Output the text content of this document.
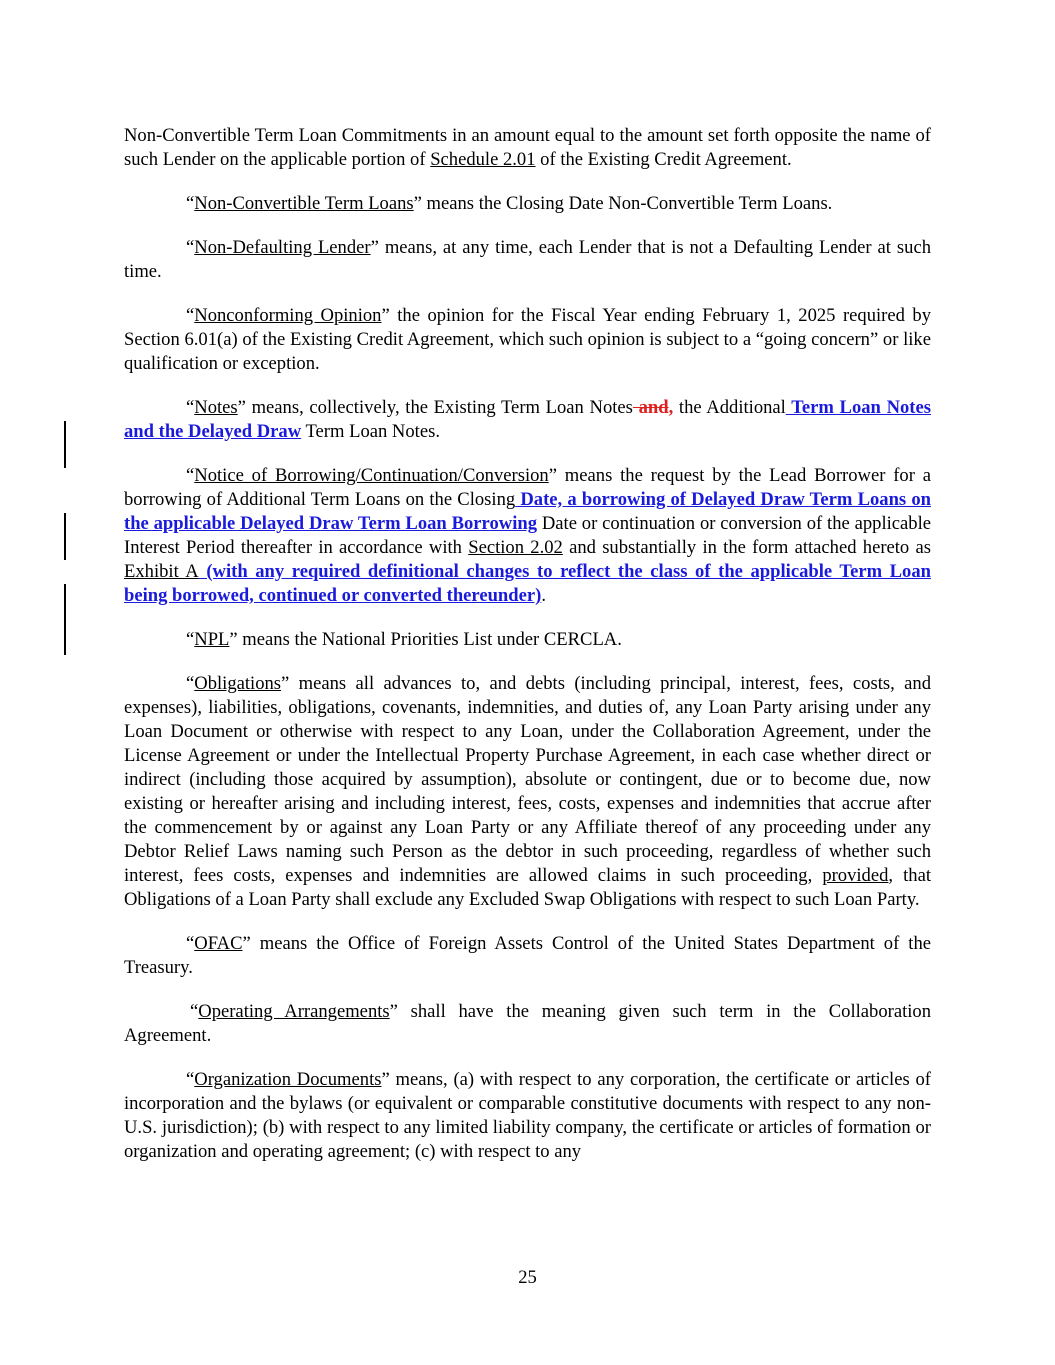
Non-Convertible Term Loan Commitments in an amount equal to the amount set forth opposite the name of such Lender on the applicable portion of Schedule 2.01 of the Existing Credit Agreement.

“Non-Convertible Term Loans” means the Closing Date Non-Convertible Term Loans.

“Non-Defaulting Lender” means, at any time, each Lender that is not a Defaulting Lender at such time.

“Nonconforming Opinion” the opinion for the Fiscal Year ending February 1, 2025 required by Section 6.01(a) of the Existing Credit Agreement, which such opinion is subject to a “going concern” or like qualification or exception.

“Notes” means, collectively, the Existing Term Loan Notes and, the Additional Term Loan Notes and the Delayed Draw Term Loan Notes.

“Notice of Borrowing/Continuation/Conversion” means the request by the Lead Borrower for a borrowing of Additional Term Loans on the Closing Date, a borrowing of Delayed Draw Term Loans on the applicable Delayed Draw Term Loan Borrowing Date or continuation or conversion of the applicable Interest Period thereafter in accordance with Section 2.02 and substantially in the form attached hereto as Exhibit A (with any required definitional changes to reflect the class of the applicable Term Loan being borrowed, continued or converted thereunder).

“NPL” means the National Priorities List under CERCLA.

“Obligations” means all advances to, and debts (including principal, interest, fees, costs, and expenses), liabilities, obligations, covenants, indemnities, and duties of, any Loan Party arising under any Loan Document or otherwise with respect to any Loan, under the Collaboration Agreement, under the License Agreement or under the Intellectual Property Purchase Agreement, in each case whether direct or indirect (including those acquired by assumption), absolute or contingent, due or to become due, now existing or hereafter arising and including interest, fees, costs, expenses and indemnities that accrue after the commencement by or against any Loan Party or any Affiliate thereof of any proceeding under any Debtor Relief Laws naming such Person as the debtor in such proceeding, regardless of whether such interest, fees costs, expenses and indemnities are allowed claims in such proceeding, provided, that Obligations of a Loan Party shall exclude any Excluded Swap Obligations with respect to such Loan Party.

“OFAC” means the Office of Foreign Assets Control of the United States Department of the Treasury.

“Operating Arrangements” shall have the meaning given such term in the Collaboration Agreement.

“Organization Documents” means, (a) with respect to any corporation, the certificate or articles of incorporation and the bylaws (or equivalent or comparable constitutive documents with respect to any non-U.S. jurisdiction); (b) with respect to any limited liability company, the certificate or articles of formation or organization and operating agreement; (c) with respect to any

25
